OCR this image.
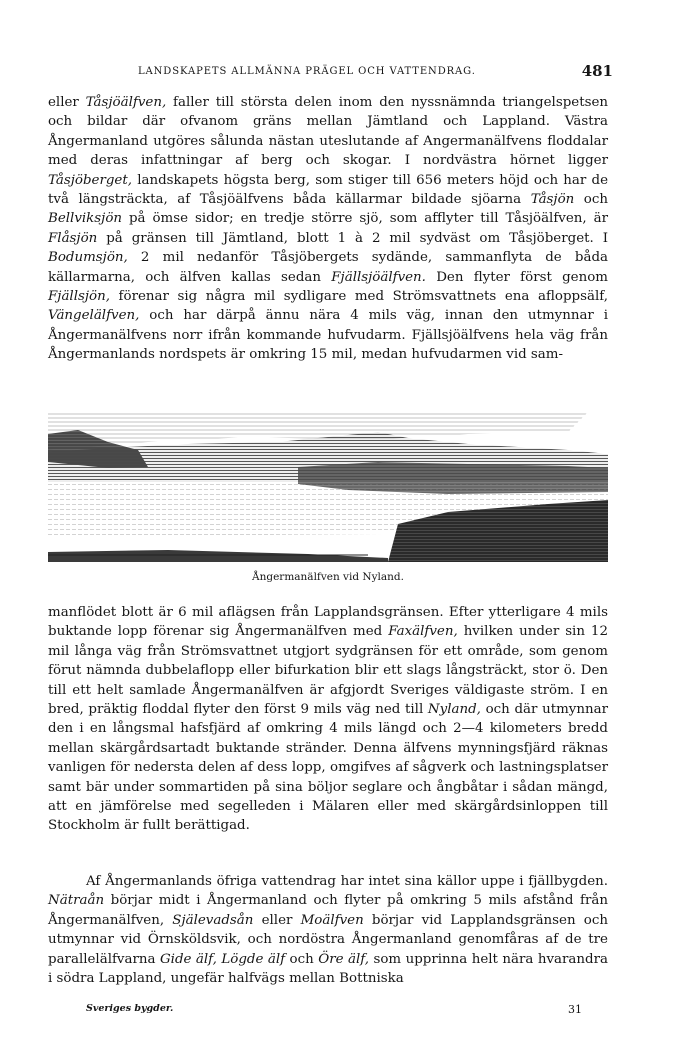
LANDSKAPETS ALLMÄNNA PRÄGEL OCH VATTENDRAG.	481

eller Tåsjöälfven, faller till största delen inom den nyssnämnda triangelspetsen och bildar där ofvanom gräns mellan Jämtland och Lappland. Västra Ångermanland utgöres sålunda nästan uteslutande af Angermanälfvens floddalar med deras infattningar af berg och skogar. I nordvästra hörnet ligger Tåsjöberget, landskapets högsta berg, som stiger till 656 meters höjd och har de två längsträckta, af Tåsjöälfvens båda källarmar bildade sjöarna Tåsjön och Bellviksjön på ömse sidor; en tredje större sjö, som afflyter till Tåsjöälfven, är Flåsjön på gränsen till Jämtland, blott 1 à 2 mil sydväst om Tåsjöberget. I Bodumsjön, 2 mil nedanför Tåsjöbergets sydände, sammanflyta de båda källarmarna, och älfven kallas sedan Fjällsjöälfven. Den flyter först genom Fjällsjön, förenar sig några mil sydligare med Strömsvattnets ena afloppsälf, Vängelälfven, och har därpå ännu nära 4 mils väg, innan den utmynnar i Ångermanälfvens norr ifrån kommande hufvudarm. Fjällsjöälfvens hela väg från Ångermanlands nordspets är omkring 15 mil, medan hufvudarmen vid sam-

Ångermanälfven vid Nyland.

manflödet blott är 6 mil aflägsen från Lapplandsgränsen. Efter ytterligare 4 mils buktande lopp förenar sig Ångermanälfven med Faxälfven, hvilken under sin 12 mil långa väg från Strömsvattnet utgjort sydgränsen för ett område, som genom förut nämnda dubbelaflopp eller bifurkation blir ett slags långsträckt, stor ö. Den till ett helt samlade Ångermanälfven är afgjordt Sveriges väldigaste ström. I en bred, präktig floddal flyter den först 9 mils väg ned till Nyland, och där utmynnar den i en långsmal hafsfjärd af omkring 4 mils längd och 2—4 kilometers bredd mellan skärgårdsartadt buktande stränder. Denna älfvens mynningsfjärd räknas vanligen för nedersta delen af dess lopp, omgifves af sågverk och lastningsplatser samt bär under sommartiden på sina böljor seglare och ångbåtar i sådan mängd, att en jämförelse med segelleden i Mälaren eller med skärgårdsinloppen till Stockholm är fullt berättigad.

Af Ångermanlands öfriga vattendrag har intet sina källor uppe i fjällbygden. Nätraån börjar midt i Ångermanland och flyter på omkring 5 mils afstånd från Ångermanälfven, Själevadsån eller Moälfven börjar vid Lapplandsgränsen och utmynnar vid Örnsköldsvik, och nordöstra Ångermanland genomfåras af de tre parallelälfvarna Gide älf, Lögde älf och Öre älf, som upprinna helt nära hvarandra i södra Lappland, ungefär halfvägs mellan Bottniska

Sveriges bygder.	31
